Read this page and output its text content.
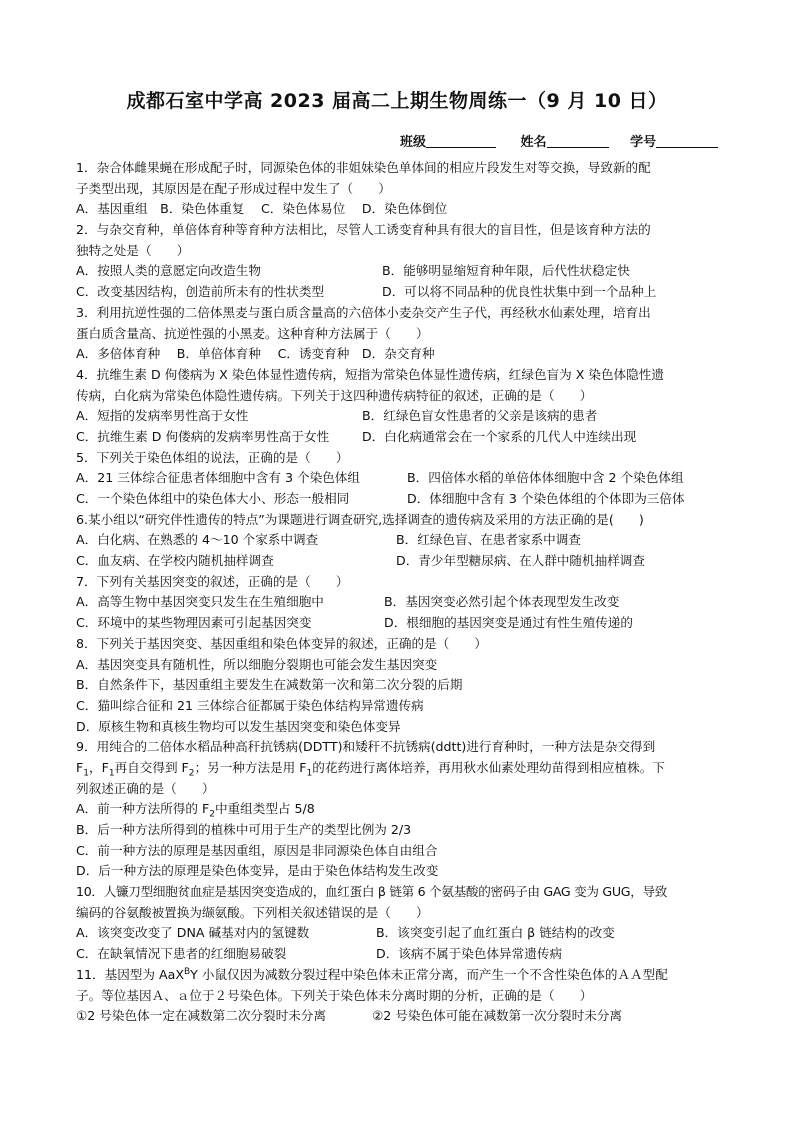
成都石室中学高 2023 届高二上期生物周练一（9 月 10 日）
班级	姓名	学号
1．杂合体雌果蝇在形成配子时，同源染色体的非姐妹染色单体间的相应片段发生对等交换，导致新的配
子类型出现，其原因是在配子形成过程中发生了（　　）
A．基因重组　B．染色体重复　 C．染色体易位　 D．染色体倒位
2．与杂交育种，单倍体育种等育种方法相比，尽管人工诱变育种具有很大的盲目性，但是该育种方法的
独特之处是（　　）
A．按照人类的意愿定向改造生物	B．能够明显缩短育种年限，后代性状稳定快
C．改变基因结构，创造前所未有的性状类型	D．可以将不同品种的优良性状集中到一个品种上
3．利用抗逆性强的二倍体黑麦与蛋白质含量高的六倍体小麦杂交产生子代，再经秋水仙素处理，培育出
蛋白质含量高、抗逆性强的小黑麦。这种育种方法属于（　　）
A．多倍体育种　 B．单倍体育种　 C．诱变育种　D．杂交育种
4．抗维生素 D 佝偻病为 X 染色体显性遗传病，短指为常染色体显性遗传病，红绿色盲为 X 染色体隐性遗
传病，白化病为常染色体隐性遗传病。下列关于这四种遗传病特征的叙述，正确的是（　　）
A．短指的发病率男性高于女性	B．红绿色盲女性患者的父亲是该病的患者
C．抗维生素 D 佝偻病的发病率男性高于女性	D．白化病通常会在一个家系的几代人中连续出现
5．下列关于染色体组的说法，正确的是（　　）
A．21 三体综合征患者体细胞中含有 3 个染色体组	B．四倍体水稻的单倍体体细胞中含 2 个染色体组
C．一个染色体组中的染色体大小、形态一般相同	D．体细胞中含有 3 个染色体组的个体即为三倍体
6.某小组以“研究伴性遗传的特点”为课题进行调查研究,选择调查的遗传病及采用的方法正确的是(　　)
A．白化病、在熟悉的 4～10 个家系中调查	B．红绿色盲、在患者家系中调查
C．血友病、在学校内随机抽样调查	D．青少年型糖尿病、在人群中随机抽样调查
7．下列有关基因突变的叙述，正确的是（　　）
A．高等生物中基因突变只发生在生殖细胞中	B．基因突变必然引起个体表现型发生改变
C．环境中的某些物理因素可引起基因突变	D．根细胞的基因突变是通过有性生殖传递的
8．下列关于基因突变、基因重组和染色体变异的叙述，正确的是（　　）
A．基因突变具有随机性，所以细胞分裂期也可能会发生基因突变
B．自然条件下，基因重组主要发生在减数第一次和第二次分裂的后期
C．猫叫综合征和 21 三体综合征都属于染色体结构异常遗传病
D．原核生物和真核生物均可以发生基因突变和染色体变异
9．用纯合的二倍体水稻品种高秆抗锈病(DDTT)和矮秆不抗锈病(ddtt)进行育种时，一种方法是杂交得到
$F_1$，$F_1$再自交得到 $F_2$；另一种方法是用 $F_1$的花药进行离体培养，再用秋水仙素处理幼苗得到相应植株。下
列叙述正确的是（　　）
A．前一种方法所得的 $F_2$中重组类型占 5/8
B．后一种方法所得到的植株中可用于生产的类型比例为 2/3
C．前一种方法的原理是基因重组，原因是非同源染色体自由组合
D．后一种方法的原理是染色体变异，是由于染色体结构发生改变
10．人镰刀型细胞贫血症是基因突变造成的，血红蛋白 β 链第 6 个氨基酸的密码子由 GAG 变为 GUG，导致
编码的谷氨酸被置换为缬氨酸。下列相关叙述错误的是（　　）
A．该突变改变了 DNA 碱基对内的氢键数	B．该突变引起了血红蛋白 β 链结构的改变
C．在缺氧情况下患者的红细胞易破裂	D．该病不属于染色体异常遗传病
11．基因型为 AaX$^B$Y 小鼠仅因为减数分裂过程中染色体未正常分离，而产生一个不含性染色体的ＡＡ型配
子。等位基因Ａ、ａ位于２号染色体。下列关于染色体未分离时期的分析，正确的是（　　）
①2 号染色体一定在减数第二次分裂时未分离	②2 号染色体可能在减数第一次分裂时未分离
